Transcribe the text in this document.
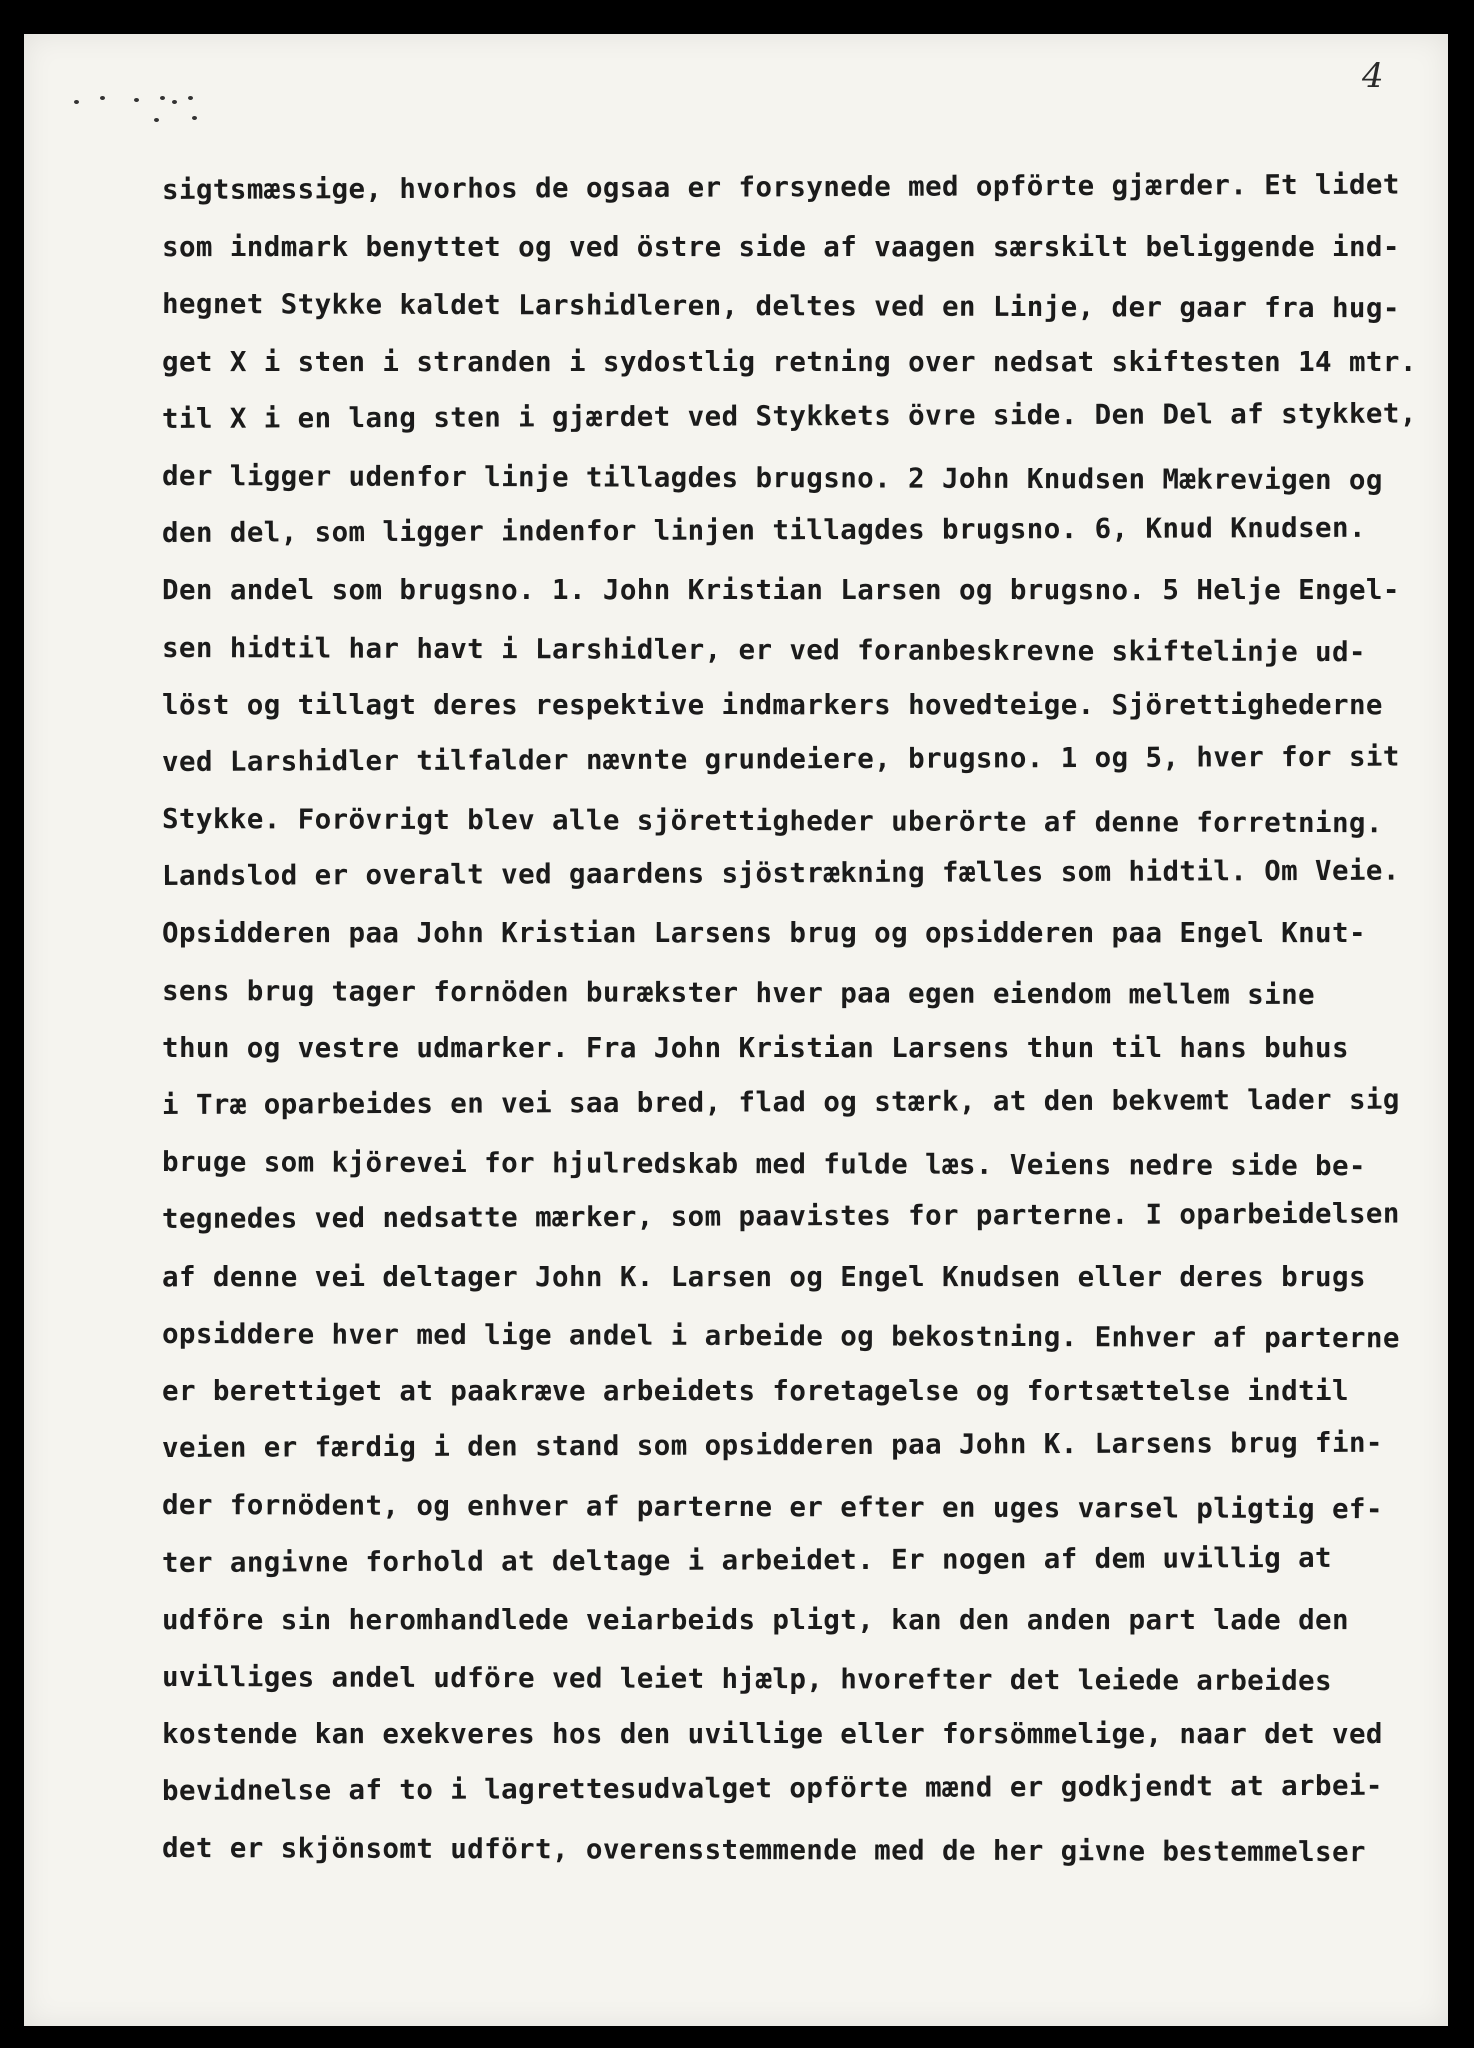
4
sigtsmæssige, hvorhos de ogsaa er forsynede med opförte gjærder. Et lidet
som indmark benyttet og ved östre side af vaagen særskilt beliggende ind-
hegnet Stykke kaldet Larshidleren, deltes ved en Linje, der gaar fra hug-
get X i sten i stranden i sydostlig retning over nedsat skiftesten 14 mtr.
til X i en lang sten i gjærdet ved Stykkets övre side. Den Del af stykket,
der ligger udenfor linje tillagdes brugsno. 2 John Knudsen Mækrevigen og
den del, som ligger indenfor linjen tillagdes brugsno. 6, Knud Knudsen.
Den andel som brugsno. 1. John Kristian Larsen og brugsno. 5 Helje Engel-
sen hidtil har havt i Larshidler, er ved foranbeskrevne skiftelinje ud-
löst og tillagt deres respektive indmarkers hovedteige. Sjörettighederne
ved Larshidler tilfalder nævnte grundeiere, brugsno. 1 og 5, hver for sit
Stykke. Forövrigt blev alle sjörettigheder uberörte af denne forretning.
Landslod er overalt ved gaardens sjöstrækning fælles som hidtil. Om Veie.
Opsidderen paa John Kristian Larsens brug og opsidderen paa Engel Knut-
sens brug tager fornöden burækster hver paa egen eiendom mellem sine
thun og vestre udmarker. Fra John Kristian Larsens thun til hans buhus
i Træ oparbeides en vei saa bred, flad og stærk, at den bekvemt lader sig
bruge som kjörevei for hjulredskab med fulde læs. Veiens nedre side be-
tegnedes ved nedsatte mærker, som paavistes for parterne. I oparbeidelsen
af denne vei deltager John K. Larsen og Engel Knudsen eller deres brugs
opsiddere hver med lige andel i arbeide og bekostning. Enhver af parterne
er berettiget at paakræve arbeidets foretagelse og fortsættelse indtil
veien er færdig i den stand som opsidderen paa John K. Larsens brug fin-
der fornödent, og enhver af parterne er efter en uges varsel pligtig ef-
ter angivne forhold at deltage i arbeidet. Er nogen af dem uvillig at
udföre sin heromhandlede veiarbeids pligt, kan den anden part lade den
uvilliges andel udföre ved leiet hjælp, hvorefter det leiede arbeides
kostende kan exekveres hos den uvillige eller forsömmelige, naar det ved
bevidnelse af to i lagrettesudvalget opförte mænd er godkjendt at arbei-
det er skjönsomt udfört, overensstemmende med de her givne bestemmelser
